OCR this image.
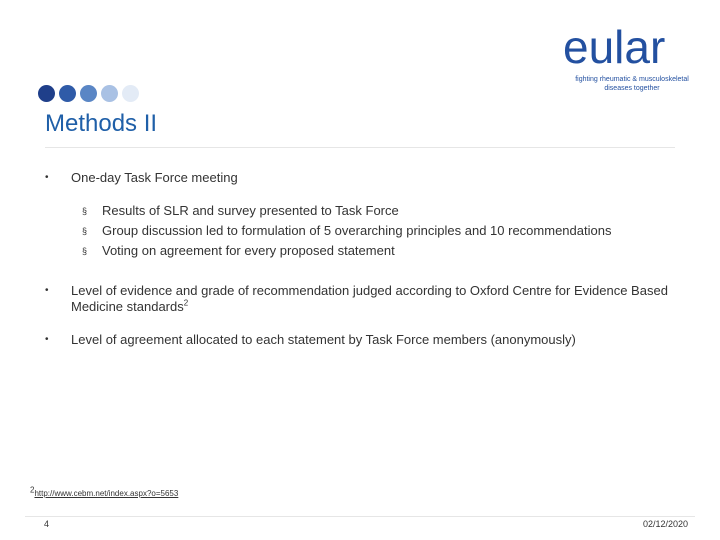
eular
fighting rheumatic & musculoskeletal diseases together
Methods II
• One-day Task Force meeting
§	Results of SLR and survey presented to Task Force
§	Group discussion led to formulation of 5 overarching principles and 10 recommendations
§	Voting on agreement for every proposed statement
• Level of evidence and grade of recommendation judged according to Oxford Centre for Evidence Based Medicine standards$^2$
• Level of agreement allocated to each statement by Task Force members (anonymously)
2http://www.cebm.net/index.aspx?o=5653
4	02/12/2020
